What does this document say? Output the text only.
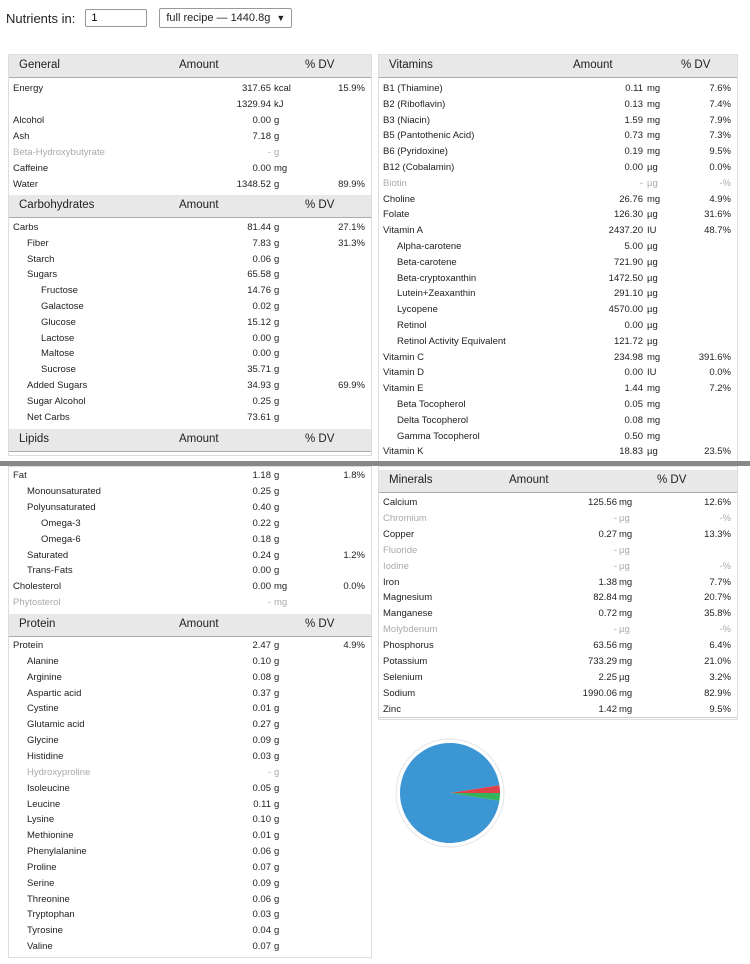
Nutrients in:
1	full recipe — 1440.8g ▼
General	Amount	% DV
Energy	317.65 kcal	15.9%
1329.94 kJ
Alcohol	0.00 g
Ash	7.18 g
Beta-Hydroxybutyrate	- g
Caffeine	0.00 mg
Water	1348.52 g	89.9%
Carbohydrates	Amount	% DV
Carbs	81.44 g	27.1%
Fiber	7.83 g	31.3%
Starch	0.06 g
Sugars	65.58 g
Fructose	14.76 g
Galactose	0.02 g
Glucose	15.12 g
Lactose	0.00 g
Maltose	0.00 g
Sucrose	35.71 g
Added Sugars	34.93 g	69.9%
Sugar Alcohol	0.25 g
Net Carbs	73.61 g
Lipids	Amount	% DV
Vitamins	Amount	% DV
B1 (Thiamine)	0.11 mg	7.6%
B2 (Riboflavin)	0.13 mg	7.4%
B3 (Niacin)	1.59 mg	7.9%
B5 (Pantothenic Acid)	0.73 mg	7.3%
B6 (Pyridoxine)	0.19 mg	9.5%
B12 (Cobalamin)	0.00 µg	0.0%
Biotin	- µg	-%
Choline	26.76 mg	4.9%
Folate	126.30 µg	31.6%
Vitamin A	2437.20 IU	48.7%
Alpha-carotene	5.00 µg
Beta-carotene	721.90 µg
Beta-cryptoxanthin	1472.50 µg
Lutein+Zeaxanthin	291.10 µg
Lycopene	4570.00 µg
Retinol	0.00 µg
Retinol Activity Equivalent	121.72 µg
Vitamin C	234.98 mg	391.6%
Vitamin D	0.00 IU	0.0%
Vitamin E	1.44 mg	7.2%
Beta Tocopherol	0.05 mg
Delta Tocopherol	0.08 mg
Gamma Tocopherol	0.50 mg
Vitamin K	18.83 µg	23.5%
Fat	1.18 g	1.8%
Monounsaturated	0.25 g
Polyunsaturated	0.40 g
Omega-3	0.22 g
Omega-6	0.18 g
Saturated	0.24 g	1.2%
Trans-Fats	0.00 g
Cholesterol	0.00 mg	0.0%
Phytosterol	- mg
Protein	Amount	% DV
Protein	2.47 g	4.9%
Alanine	0.10 g
Arginine	0.08 g
Aspartic acid	0.37 g
Cystine	0.01 g
Glutamic acid	0.27 g
Glycine	0.09 g
Histidine	0.03 g
Hydroxyproline	- g
Isoleucine	0.05 g
Leucine	0.11 g
Lysine	0.10 g
Methionine	0.01 g
Phenylalanine	0.06 g
Proline	0.07 g
Serine	0.09 g
Threonine	0.06 g
Tryptophan	0.03 g
Tyrosine	0.04 g
Valine	0.07 g
Minerals	Amount	% DV
Calcium	125.56 mg	12.6%
Chromium	- µg	-%
Copper	0.27 mg	13.3%
Fluoride	- µg
Iodine	- µg	-%
Iron	1.38 mg	7.7%
Magnesium	82.84 mg	20.7%
Manganese	0.72 mg	35.8%
Molybdenum	- µg	-%
Phosphorus	63.56 mg	6.4%
Potassium	733.29 mg	21.0%
Selenium	2.25 µg	3.2%
Sodium	1990.06 mg	82.9%
Zinc	1.42 mg	9.5%
